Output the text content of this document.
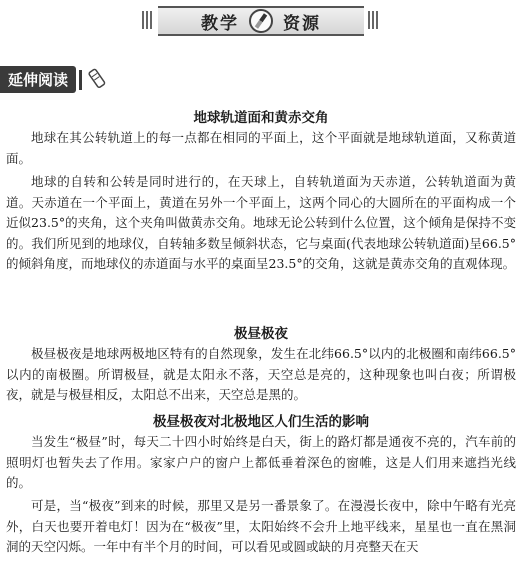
教学	资源
延伸阅读
地球轨道面和黄赤交角

地球在其公转轨道上的每一点都在相同的平面上，这个平面就是地球轨道面，又称黄道面。

地球的自转和公转是同时进行的，在天球上，自转轨道面为天赤道，公转轨道面为黄道。天赤道在一个平面上，黄道在另外一个平面上，这两个同心的大圆所在的平面构成一个近似23.5°的夹角，这个夹角叫做黄赤交角。地球无论公转到什么位置，这个倾角是保持不变的。我们所见到的地球仪，自转轴多数呈倾斜状态，它与桌面(代表地球公转轨道面)呈66.5°的倾斜角度，而地球仪的赤道面与水平的桌面呈23.5°的交角，这就是黄赤交角的直观体现。

极昼极夜

极昼极夜是地球两极地区特有的自然现象，发生在北纬66.5°以内的北极圈和南纬66.5°以内的南极圈。所谓极昼，就是太阳永不落，天空总是亮的，这种现象也叫白夜；所谓极夜，就是与极昼相反，太阳总不出来，天空总是黑的。

极昼极夜对北极地区人们生活的影响

当发生“极昼”时，每天二十四小时始终是白天，街上的路灯都是通夜不亮的，汽车前的照明灯也暂失去了作用。家家户户的窗户上都低垂着深色的窗帷，这是人们用来遮挡光线的。

可是，当“极夜”到来的时候，那里又是另一番景象了。在漫漫长夜中，除中午略有光亮外，白天也要开着电灯！因为在“极夜”里，太阳始终不会升上地平线来，星星也一直在黑洞洞的天空闪烁。一年中有半个月的时间，可以看见或圆或缺的月亮整天在天
